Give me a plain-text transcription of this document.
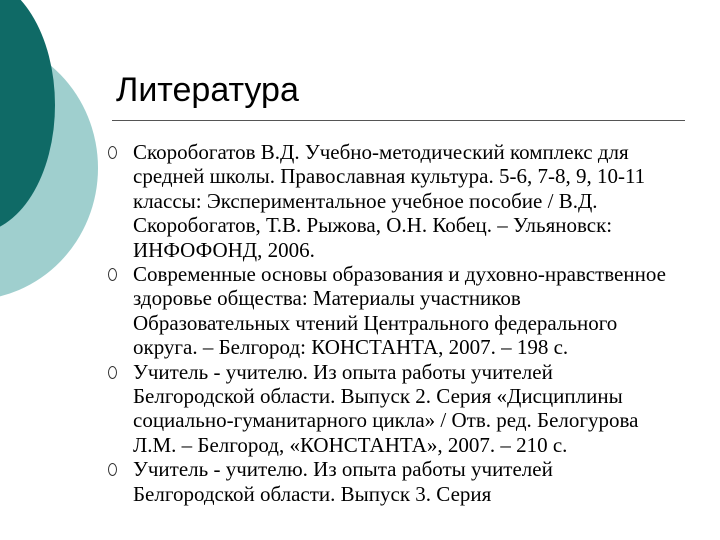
Литература
Скоробогатов В.Д. Учебно-методический комплекс для средней школы. Православная культура. 5-6, 7-8, 9, 10-11 классы: Экспериментальное учебное пособие / В.Д. Скоробогатов, Т.В. Рыжова, О.Н. Кобец. – Ульяновск: ИНФОФОНД, 2006.
Современные основы образования и духовно-нравственное здоровье общества: Материалы участников Образовательных чтений Центрального федерального округа. – Белгород: КОНСТАНТА, 2007. – 198 с.
Учитель - учителю. Из опыта работы учителей Белгородской области. Выпуск 2. Серия «Дисциплины социально-гуманитарного цикла» / Отв. ред. Белогурова Л.М. – Белгород, «КОНСТАНТА», 2007. – 210 с.
Учитель - учителю. Из опыта работы учителей Белгородской области. Выпуск 3. Серия
